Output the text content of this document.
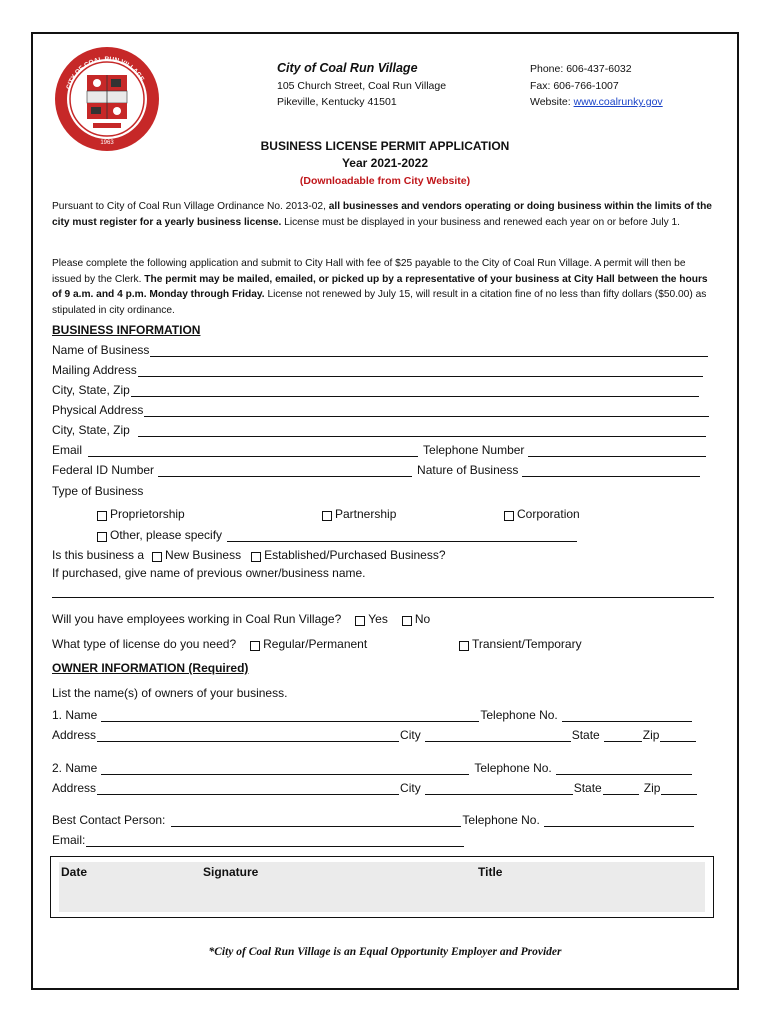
1963
CITY OF COAL RUN VILLAGE
City of Coal Run Village
105 Church Street, Coal Run Village
Pikeville, Kentucky 41501
Phone: 606-437-6032
Fax: 606-766-1007
Website: www.coalrunky.gov
BUSINESS LICENSE PERMIT APPLICATION
Year 2021-2022
(Downloadable from City Website)
Pursuant to City of Coal Run Village Ordinance No. 2013-02, all businesses and vendors operating or doing business within the limits of the city must register for a yearly business license. License must be displayed in your business and renewed each year on or before July 1.
Please complete the following application and submit to City Hall with fee of $25 payable to the City of Coal Run Village. A permit will then be issued by the Clerk. The permit may be mailed, emailed, or picked up by a representative of your business at City Hall between the hours of 9 a.m. and 4 p.m. Monday through Friday. License not renewed by July 15, will result in a citation fine of no less than fifty dollars ($50.00) as stipulated in city ordinance.
BUSINESS INFORMATION
Name of Business
Mailing Address
City, State, Zip
Physical Address
City, State, Zip
Email	Telephone Number
Federal ID Number	Nature of Business
Type of Business
Proprietorship	Partnership	Corporation
Other, please specify
Is this business a New Business Established/Purchased Business?
If purchased, give name of previous owner/business name.
Will you have employees working in Coal Run Village? Yes No
What type of license do you need? Regular/Permanent	Transient/Temporary
OWNER INFORMATION (Required)
List the name(s) of owners of your business.
1. Name	Telephone No.
Address	City	State	Zip
2. Name	Telephone No.
Address	City	State	Zip
Best Contact Person:	Telephone No.
Email:
Date	Signature	Title
*City of Coal Run Village is an Equal Opportunity Employer and Provider
